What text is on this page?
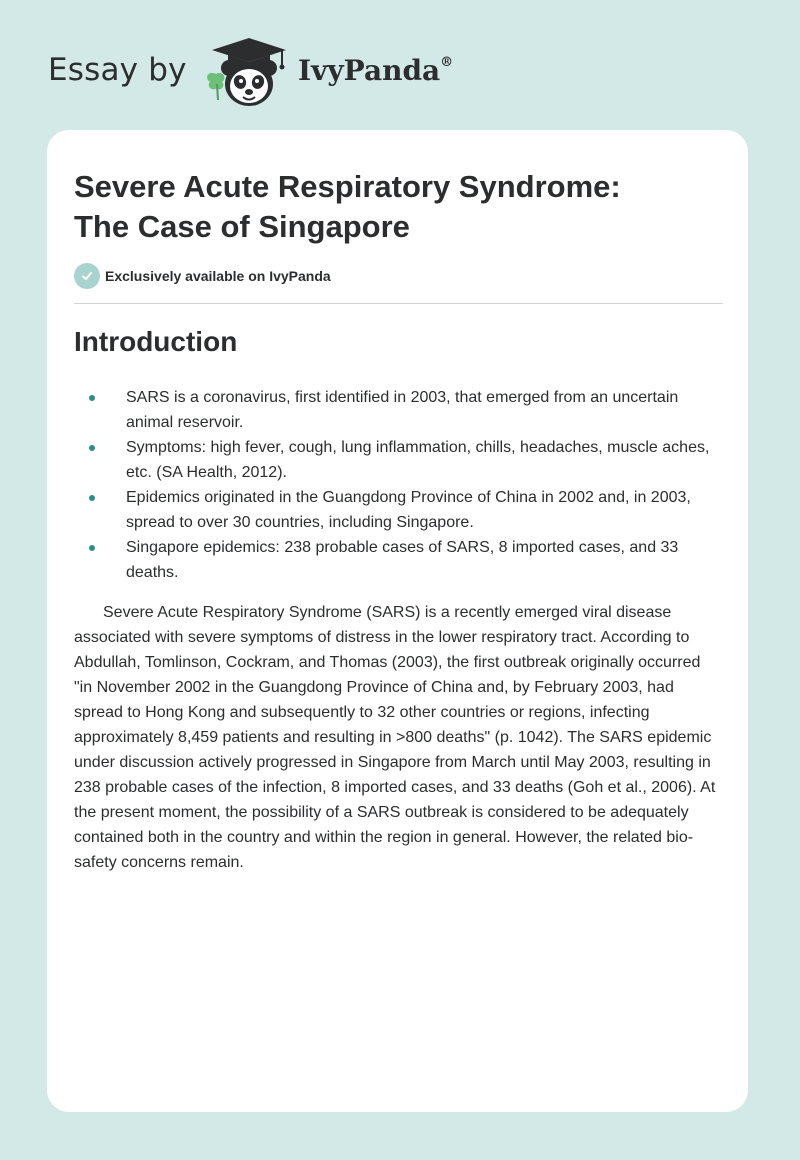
Essay by	IvyPanda®
Severe Acute Respiratory Syndrome:
The Case of Singapore
Exclusively available on IvyPanda
Introduction
SARS is a coronavirus, first identified in 2003, that emerged from an uncertain animal reservoir.
Symptoms: high fever, cough, lung inflammation, chills, headaches, muscle aches, etc. (SA Health, 2012).
Epidemics originated in the Guangdong Province of China in 2002 and, in 2003, spread to over 30 countries, including Singapore.
Singapore epidemics: 238 probable cases of SARS, 8 imported cases, and 33 deaths.

Severe Acute Respiratory Syndrome (SARS) is a recently emerged viral disease associated with severe symptoms of distress in the lower respiratory tract. According to Abdullah, Tomlinson, Cockram, and Thomas (2003), the first outbreak originally occurred "in November 2002 in the Guangdong Province of China and, by February 2003, had spread to Hong Kong and subsequently to 32 other countries or regions, infecting approximately 8,459 patients and resulting in >800 deaths" (p. 1042). The SARS epidemic under discussion actively progressed in Singapore from March until May 2003, resulting in 238 probable cases of the infection, 8 imported cases, and 33 deaths (Goh et al., 2006). At the present moment, the possibility of a SARS outbreak is considered to be adequately contained both in the country and within the region in general. However, the related bio-safety concerns remain.
